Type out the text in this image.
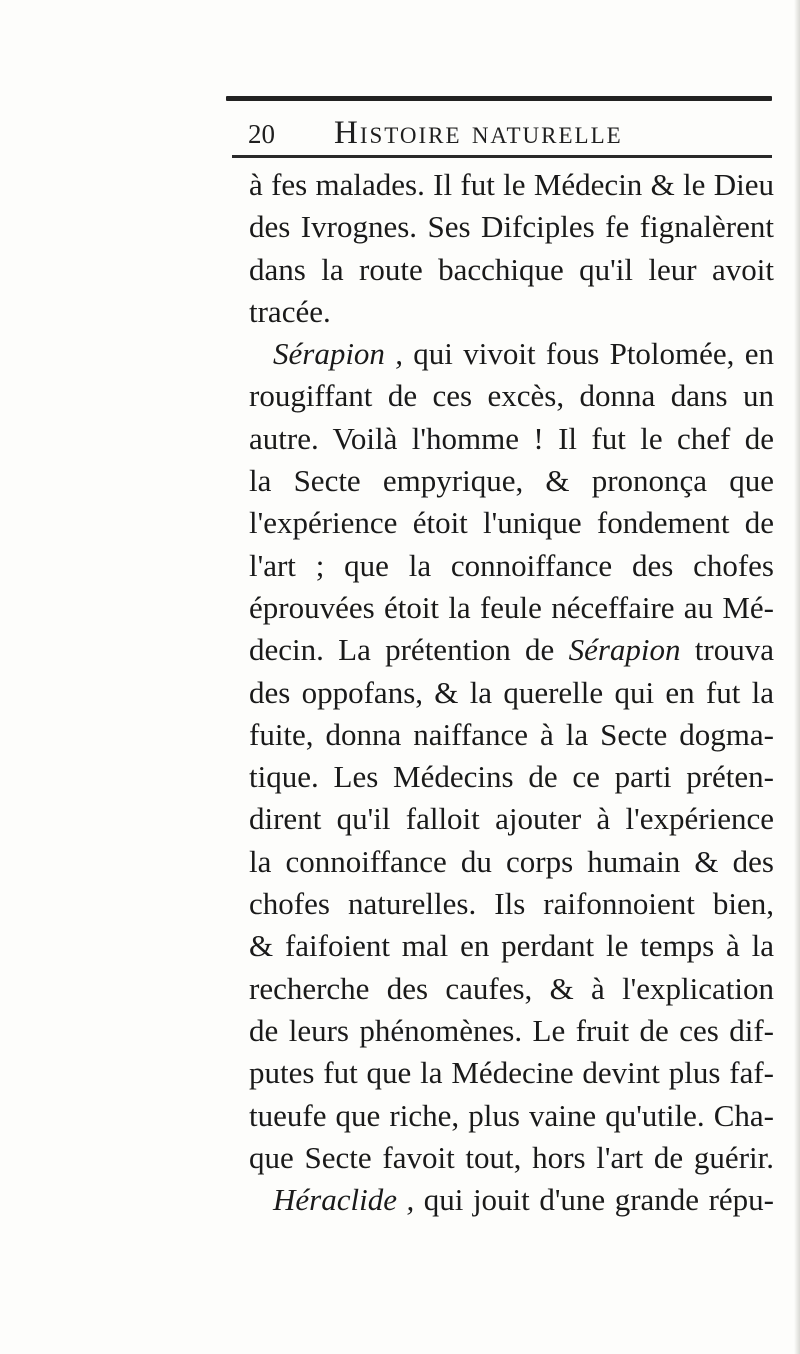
20 Histoire naturelle
à fes malades. Il fut le Médecin & le Dieu
des Ivrognes. Ses Difciples fe fignalèrent
dans la route bacchique qu'il leur avoit
tracée.
Sérapion , qui vivoit fous Ptolomée, en
rougiffant de ces excès, donna dans un
autre. Voilà l'homme ! Il fut le chef de
la Secte empyrique, & prononça que
l'expérience étoit l'unique fondement de
l'art ; que la connoiffance des chofes
éprouvées étoit la feule néceffaire au Mé-
decin. La prétention de Sérapion trouva
des oppofans, & la querelle qui en fut la
fuite, donna naiffance à la Secte dogma-
tique. Les Médecins de ce parti préten-
dirent qu'il falloit ajouter à l'expérience
la connoiffance du corps humain & des
chofes naturelles. Ils raifonnoient bien,
& faifoient mal en perdant le temps à la
recherche des caufes, & à l'explication
de leurs phénomènes. Le fruit de ces dif-
putes fut que la Médecine devint plus faf-
tueufe que riche, plus vaine qu'utile. Cha-
que Secte favoit tout, hors l'art de guérir.
Héraclide , qui jouit d'une grande répu-
